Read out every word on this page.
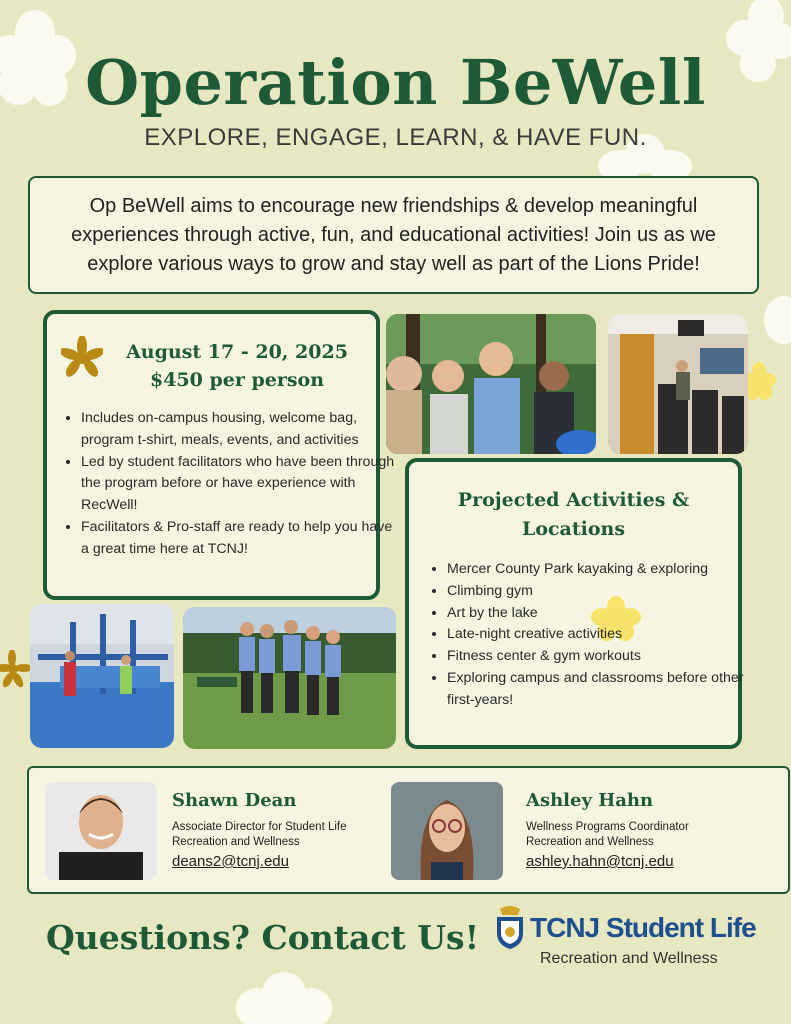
Operation BeWell
EXPLORE, ENGAGE, LEARN, & HAVE FUN.
Op BeWell aims to encourage new friendships & develop meaningful experiences through active, fun, and educational activities! Join us as we explore various ways to grow and stay well as part of the Lions Pride!
August 17 - 20, 2025
$450 per person
• Includes on-campus housing, welcome bag, program t-shirt, meals, events, and activities
• Led by student facilitators who have been through the program before or have experience with RecWell!
• Facilitators & Pro-staff are ready to help you have a great time here at TCNJ!
Projected Activities &
Locations
• Mercer County Park kayaking & exploring
• Climbing gym
• Art by the lake
• Late-night creative activities
• Fitness center & gym workouts
• Exploring campus and classrooms before other first-years!
Shawn Dean
Associate Director for Student Life
Recreation and Wellness
deans2@tcnj.edu
Ashley Hahn
Wellness Programs Coordinator
Recreation and Wellness
ashley.hahn@tcnj.edu
Questions? Contact Us! TCNJ Student Life
Recreation and Wellness
